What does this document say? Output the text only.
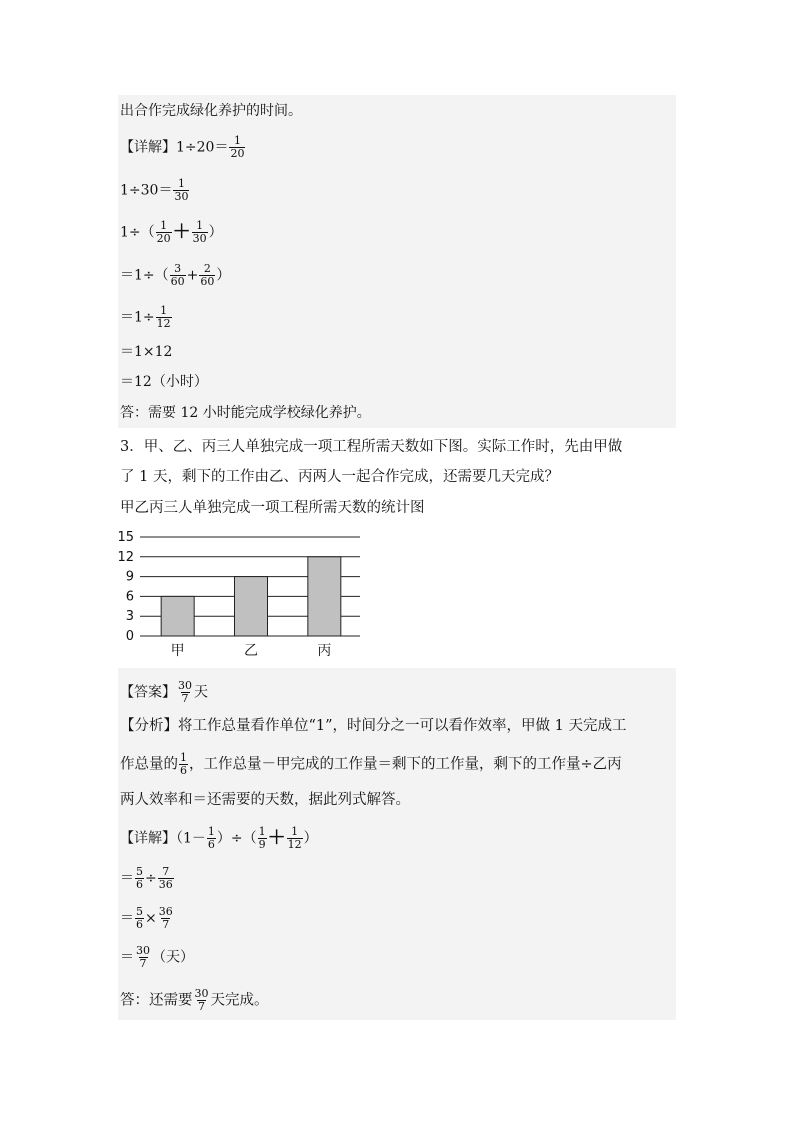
出合作完成绿化养护的时间。
【详解】$1\div 20= \frac{1}{20}$
$1\div 30= \frac{1}{30}$
$1\div( \frac{1}{20} + \frac{1}{30}$ ）
$=1\div( \frac{3}{60} + \frac{2}{60}$ ）
$=1\div \frac{1}{12}$
＝1×12
＝12（小时）
答：需要 12 小时能完成学校绿化养护。
3．甲、乙、丙三人单独完成一项工程所需天数如下图。实际工作时，先由甲做
了 1 天，剩下的工作由乙、丙两人一起合作完成，还需要几天完成？
甲乙丙三人单独完成一项工程所需天数的统计图
0
3
6
9
12
15
甲	乙	丙
【答案】 $\frac{30}{7}$ 天
【分析】将工作总量看作单位“1”，时间分之一可以看作效率，甲做 1 天完成工
作总量的 $\frac{1}{6}$ ，工作总量－甲完成的工作量＝剩下的工作量，剩下的工作量÷乙丙
两人效率和＝还需要的天数，据此列式解答。
【详解】（$1- \frac{1}{6}$ ）÷（ $\frac{1}{9} + \frac{1}{12}$ ）
＝ $\frac{5}{6} \div \frac{7}{36}$
＝ $\frac{5}{6} \times \frac{36}{7}$
＝ $\frac{30}{7}$ （天）
答：还需要 $\frac{30}{7}$ 天完成。
